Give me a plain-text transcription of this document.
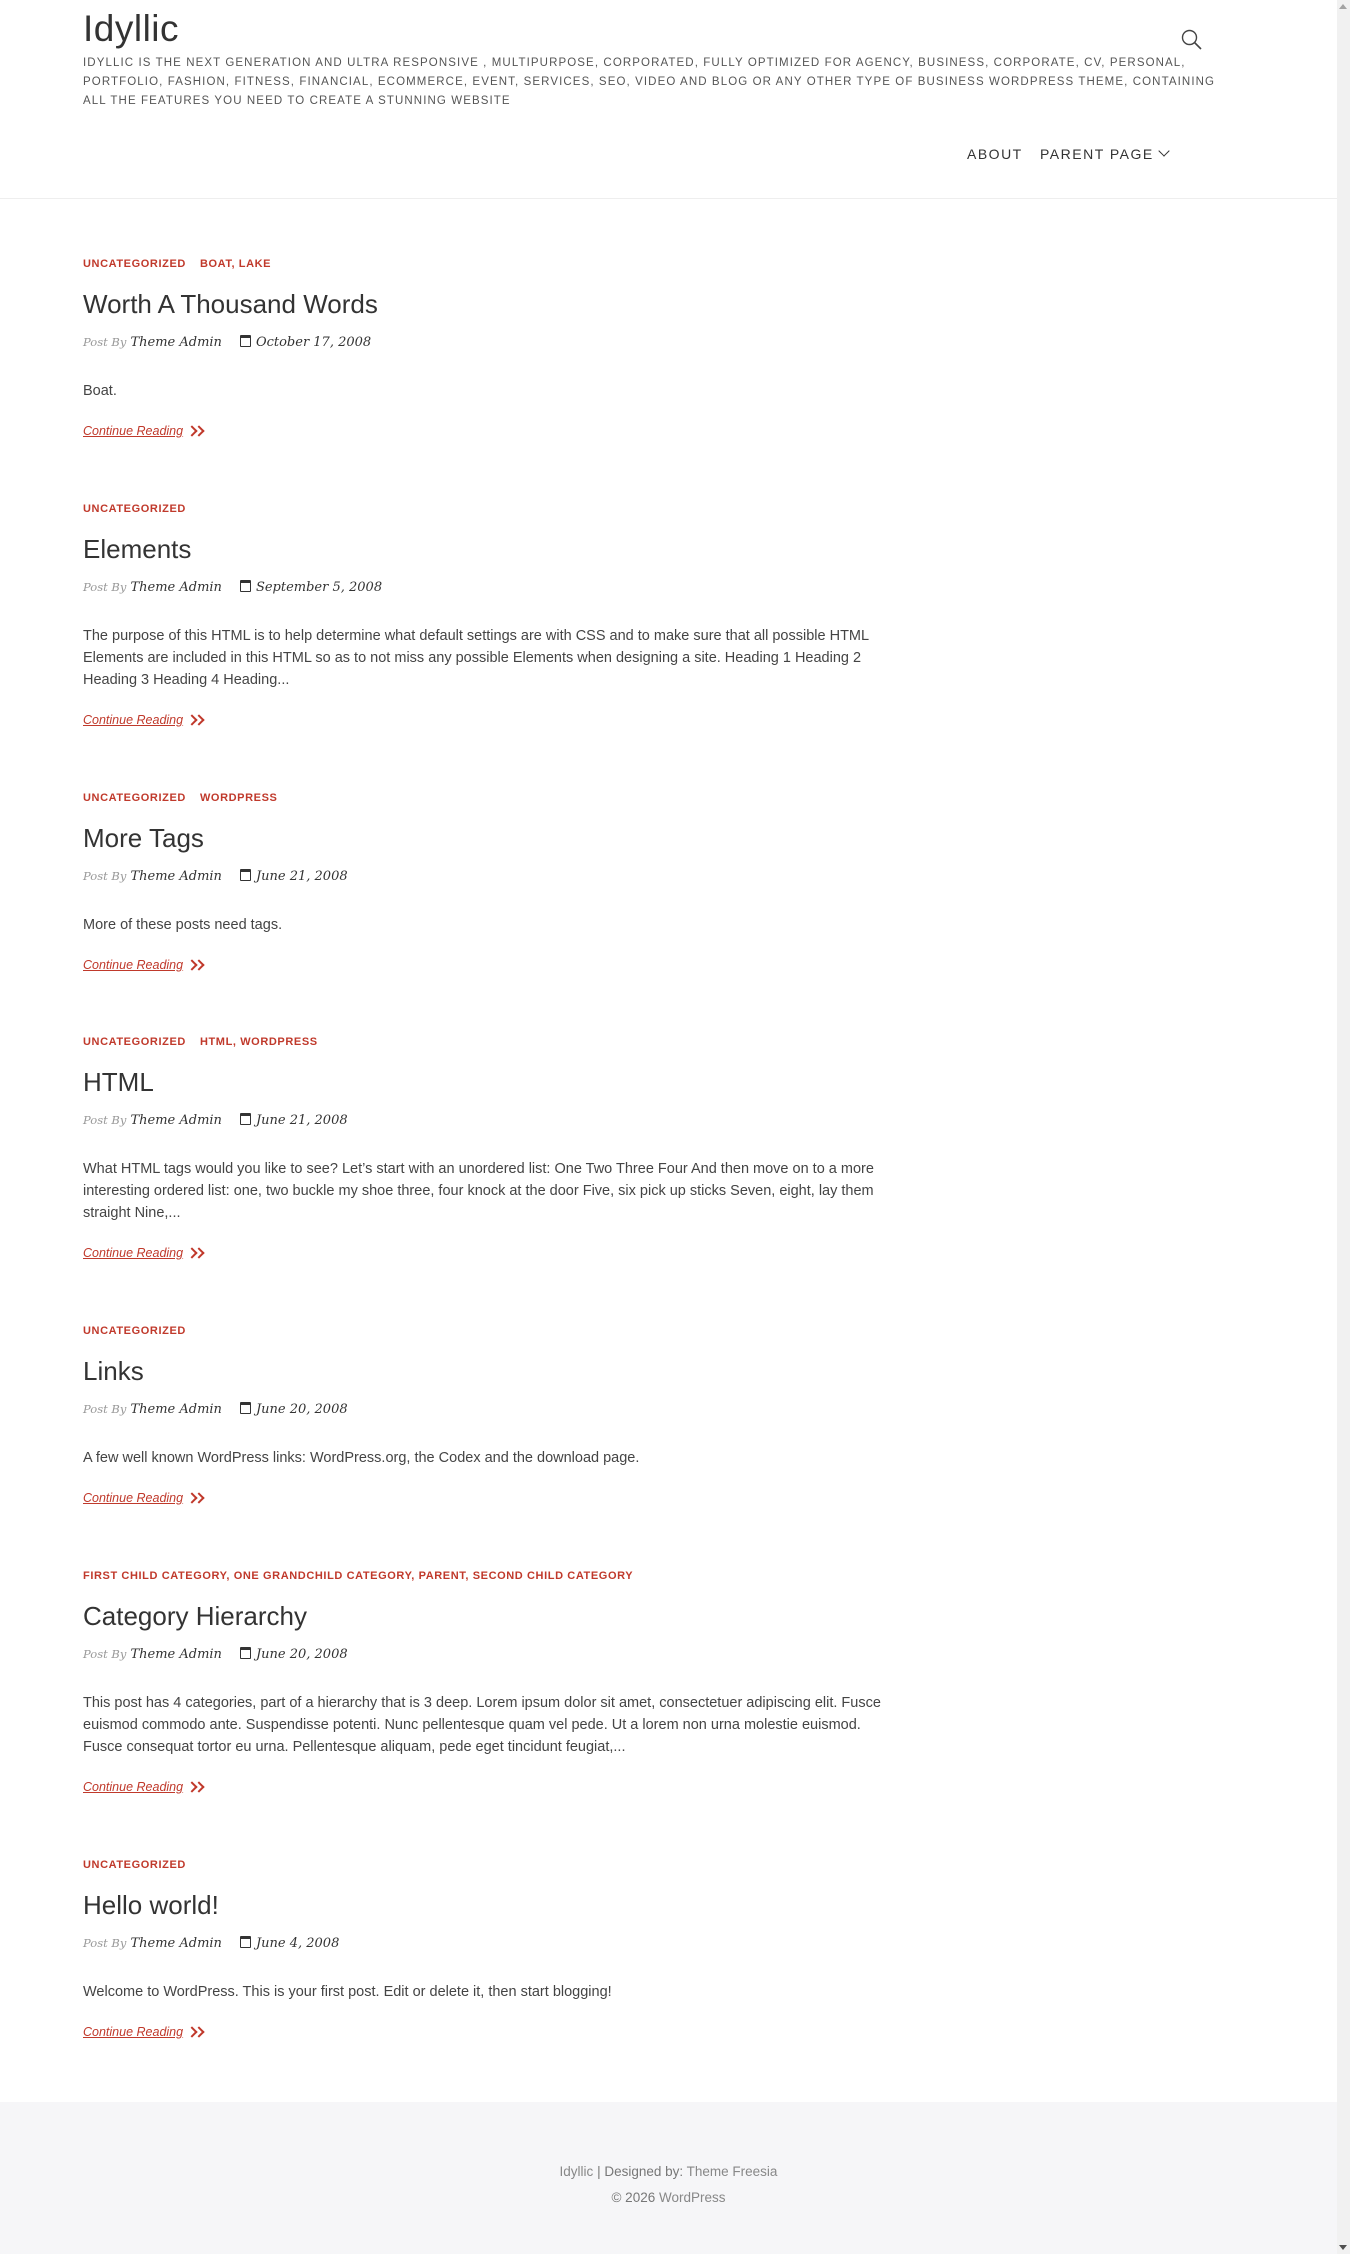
Idyllic
IDYLLIC IS THE NEXT GENERATION AND ULTRA RESPONSIVE , MULTIPURPOSE, CORPORATED, FULLY OPTIMIZED FOR AGENCY, BUSINESS, CORPORATE, CV, PERSONAL, PORTFOLIO, FASHION, FITNESS, FINANCIAL, ECOMMERCE, EVENT, SERVICES, SEO, VIDEO AND BLOG OR ANY OTHER TYPE OF BUSINESS WORDPRESS THEME, CONTAINING ALL THE FEATURES YOU NEED TO CREATE A STUNNING WEBSITE
ABOUT PARENT PAGE
UNCATEGORIZED BOAT, LAKE
Worth A Thousand Words
Post By Theme Admin	October 17, 2008
Boat.
Continue Reading
UNCATEGORIZED
Elements
Post By Theme Admin	September 5, 2008
The purpose of this HTML is to help determine what default settings are with CSS and to make sure that all possible HTML Elements are included in this HTML so as to not miss any possible Elements when designing a site. Heading 1 Heading 2 Heading 3 Heading 4 Heading...
Continue Reading
UNCATEGORIZED WORDPRESS
More Tags
Post By Theme Admin	June 21, 2008
More of these posts need tags.
Continue Reading
UNCATEGORIZED HTML, WORDPRESS
HTML
Post By Theme Admin	June 21, 2008
What HTML tags would you like to see? Let’s start with an unordered list: One Two Three Four And then move on to a more interesting ordered list: one, two buckle my shoe three, four knock at the door Five, six pick up sticks Seven, eight, lay them straight Nine,...
Continue Reading
UNCATEGORIZED
Links
Post By Theme Admin	June 20, 2008
A few well known WordPress links: WordPress.org, the Codex and the download page.
Continue Reading
FIRST CHILD CATEGORY, ONE GRANDCHILD CATEGORY, PARENT, SECOND CHILD CATEGORY
Category Hierarchy
Post By Theme Admin	June 20, 2008
This post has 4 categories, part of a hierarchy that is 3 deep. Lorem ipsum dolor sit amet, consectetuer adipiscing elit. Fusce euismod commodo ante. Suspendisse potenti. Nunc pellentesque quam vel pede. Ut a lorem non urna molestie euismod. Fusce consequat tortor eu urna. Pellentesque aliquam, pede eget tincidunt feugiat,...
Continue Reading
UNCATEGORIZED
Hello world!
Post By Theme Admin	June 4, 2008
Welcome to WordPress. This is your first post. Edit or delete it, then start blogging!
Continue Reading
Idyllic | Designed by: Theme Freesia
© 2026 WordPress
